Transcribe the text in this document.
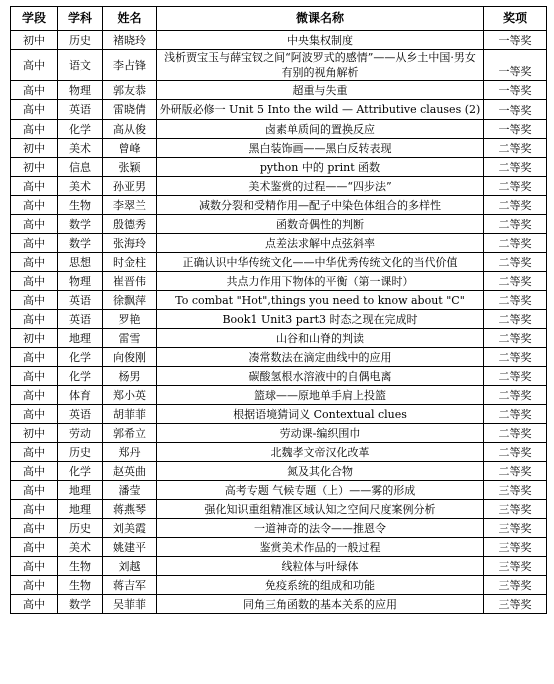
学段	学科	姓名	微课名称	奖项
初中	历史	褚晓玲	中央集权制度	一等奖
高中	语文	李占锋	浅析贾宝玉与薛宝钗之间“阿波罗式的感情”——从乡土中国·男女有别的视角解析	一等奖
高中	物理	郭友恭	超重与失重	一等奖
高中	英语	雷晓倩	外研版必修一 Unit 5 Into the wild — Attributive clauses (2)	一等奖
高中	化学	高从俊	卤素单质间的置换反应	一等奖
初中	美术	曾峰	黑白装饰画——黑白反转表现	二等奖
初中	信息	张颖	python 中的 print 函数	二等奖
高中	美术	孙亚男	美术鉴赏的过程——“四步法”	二等奖
高中	生物	李翠兰	减数分裂和受精作用—配子中染色体组合的多样性	二等奖
高中	数学	殷德秀	函数奇偶性的判断	二等奖
高中	数学	张海玲	点差法求解中点弦斜率	二等奖
高中	思想	时金柱	正确认识中华传统文化——中华优秀传统文化的当代价值	二等奖
高中	物理	崔晋伟	共点力作用下物体的平衡（第一课时）	二等奖
高中	英语	徐飘萍	To combat "Hot",things you need to know about "C"	二等奖
高中	英语	罗艳	Book1 Unit3 part3 时态之现在完成时	二等奖
初中	地理	雷雪	山谷和山脊的判读	二等奖
高中	化学	向俊刚	凑常数法在滴定曲线中的应用	二等奖
高中	化学	杨男	碳酸氢根水溶液中的自偶电离	二等奖
高中	体育	郑小英	篮球——原地单手肩上投篮	二等奖
高中	英语	胡菲菲	根据语境猜词义 Contextual clues	二等奖
初中	劳动	郭希立	劳动课-编织围巾	二等奖
高中	历史	郑丹	北魏孝文帝汉化改革	二等奖
高中	化学	赵英曲	氮及其化合物	二等奖
高中	地理	潘莹	高考专题 气候专题（上）——雾的形成	三等奖
高中	地理	蒋燕琴	强化知识重组精准区域认知之空间尺度案例分析	三等奖
高中	历史	刘美霞	一道神奇的法令——推恩令	三等奖
高中	美术	姚建平	鉴赏美术作品的一般过程	三等奖
高中	生物	刘越	线粒体与叶绿体	三等奖
高中	生物	蒋吉军	免疫系统的组成和功能	三等奖
高中	数学	吴菲菲	同角三角函数的基本关系的应用	三等奖
